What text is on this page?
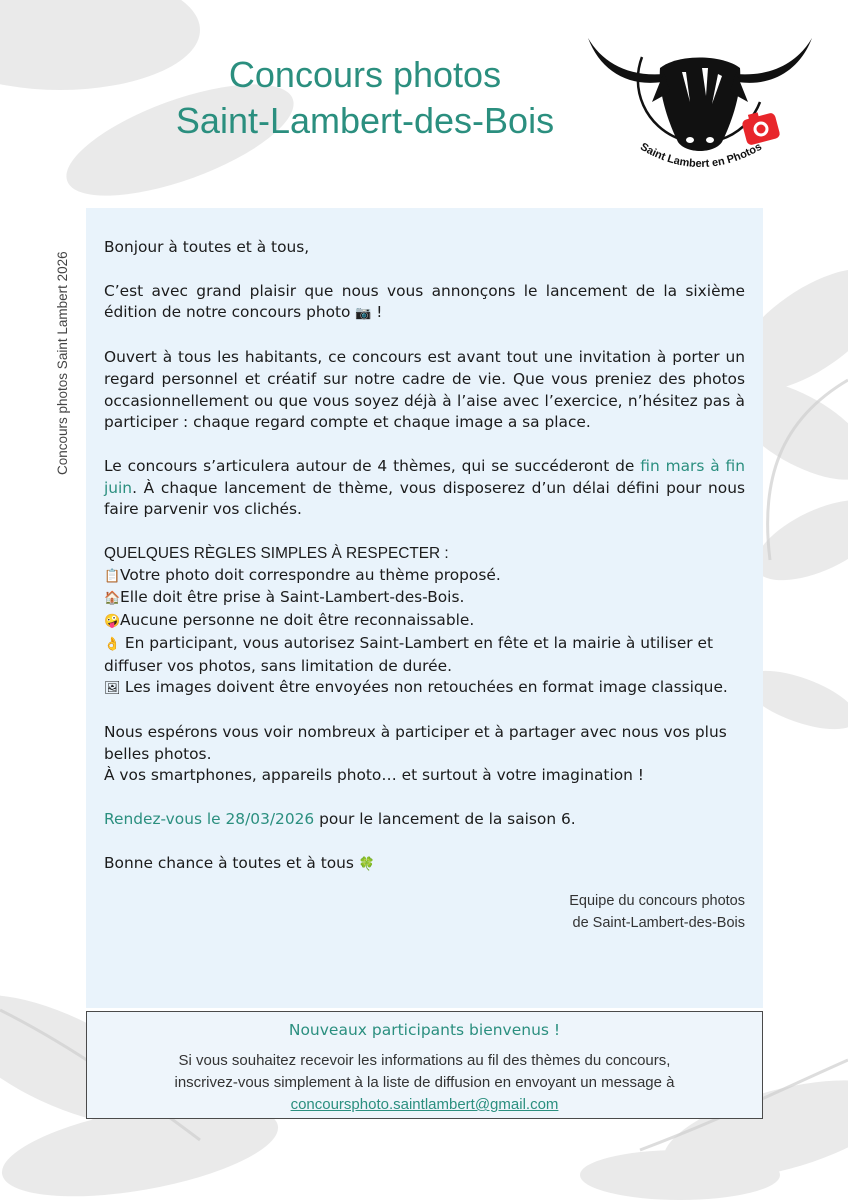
Concours photos
Saint-Lambert-des-Bois
Saint Lambert en Photos
Concours photos Saint Lambert 2026

Bonjour à toutes et à tous,

C’est avec grand plaisir que nous vous annonçons le lancement de la sixième édition de notre concours photo 📷 !

Ouvert à tous les habitants, ce concours est avant tout une invitation à porter un regard personnel et créatif sur notre cadre de vie. Que vous preniez des photos occasionnellement ou que vous soyez déjà à l’aise avec l’exercice, n’hésitez pas à participer : chaque regard compte et chaque image a sa place.

Le concours s’articulera autour de 4 thèmes, qui se succéderont de fin mars à fin juin. À chaque lancement de thème, vous disposerez d’un délai défini pour nous faire parvenir vos clichés.

QUELQUES RÈGLES SIMPLES À RESPECTER :

📋Votre photo doit correspondre au thème proposé.

🏠Elle doit être prise à Saint-Lambert-des-Bois.

🤪Aucune personne ne doit être reconnaissable.

👌 En participant, vous autorisez Saint-Lambert en fête et la mairie à utiliser et diffuser vos photos, sans limitation de durée.

🖼 Les images doivent être envoyées non retouchées en format image classique.

Nous espérons vous voir nombreux à participer et à partager avec nous vos plus belles photos.

À vos smartphones, appareils photo… et surtout à votre imagination !

Rendez-vous le 28/03/2026 pour le lancement de la saison 6.

Bonne chance à toutes et à tous 🍀

Equipe du concours photos
de Saint-Lambert-des-Bois
Nouveaux participants bienvenus !
Si vous souhaitez recevoir les informations au fil des thèmes du concours,
inscrivez-vous simplement à la liste de diffusion en envoyant un message à
concoursphoto.saintlambert@gmail.com
